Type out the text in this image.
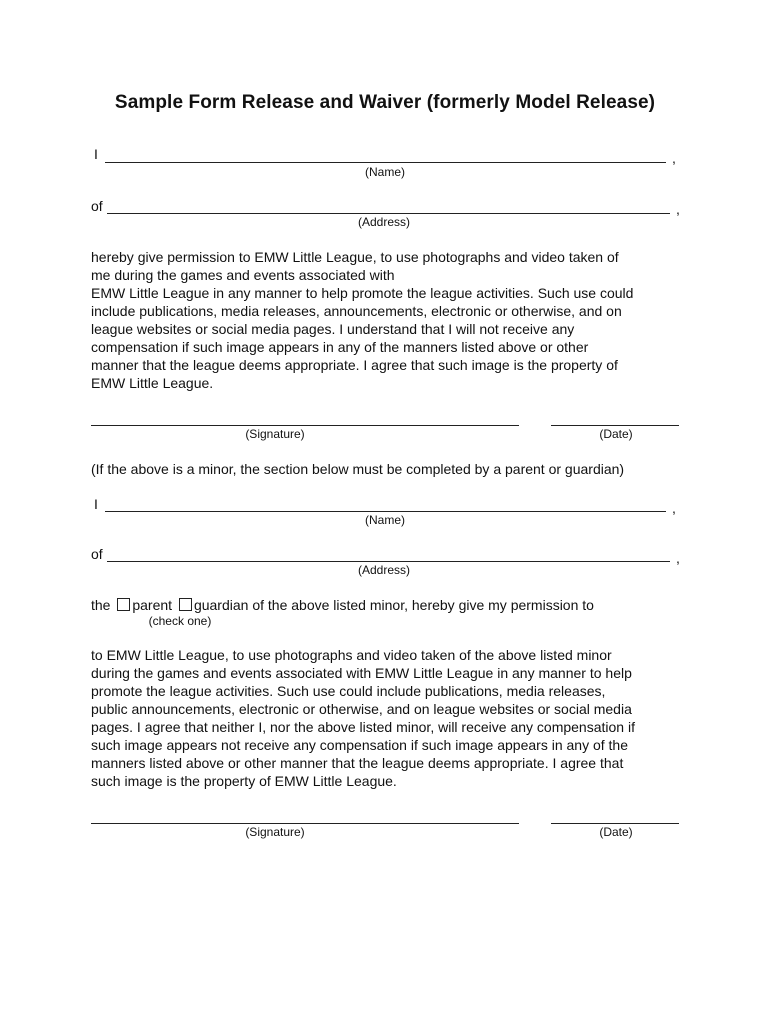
Sample Form Release and Waiver (formerly Model Release)
I	,
(Name)
of	,
(Address)
hereby give permission to EMW Little League, to use photographs and video taken of
me during the games and events associated with
EMW Little League in any manner to help promote the league activities. Such use could
include publications, media releases, announcements, electronic or otherwise, and on
league websites or social media pages. I understand that I will not receive any
compensation if such image appears in any of the manners listed above or other
manner that the league deems appropriate. I agree that such image is the property of
EMW Little League.
(Signature)	(Date)
(If the above is a minor, the section below must be completed by a parent or guardian)
I	,
(Name)
of	,
(Address)
the parent guardian of the above listed minor, hereby give my permission to
(check one)
to EMW Little League, to use photographs and video taken of the above listed minor
during the games and events associated with EMW Little League in any manner to help
promote the league activities. Such use could include publications, media releases,
public announcements, electronic or otherwise, and on league websites or social media
pages. I agree that neither I, nor the above listed minor, will receive any compensation if
such image appears not receive any compensation if such image appears in any of the
manners listed above or other manner that the league deems appropriate. I agree that
such image is the property of EMW Little League.
(Signature)	(Date)
